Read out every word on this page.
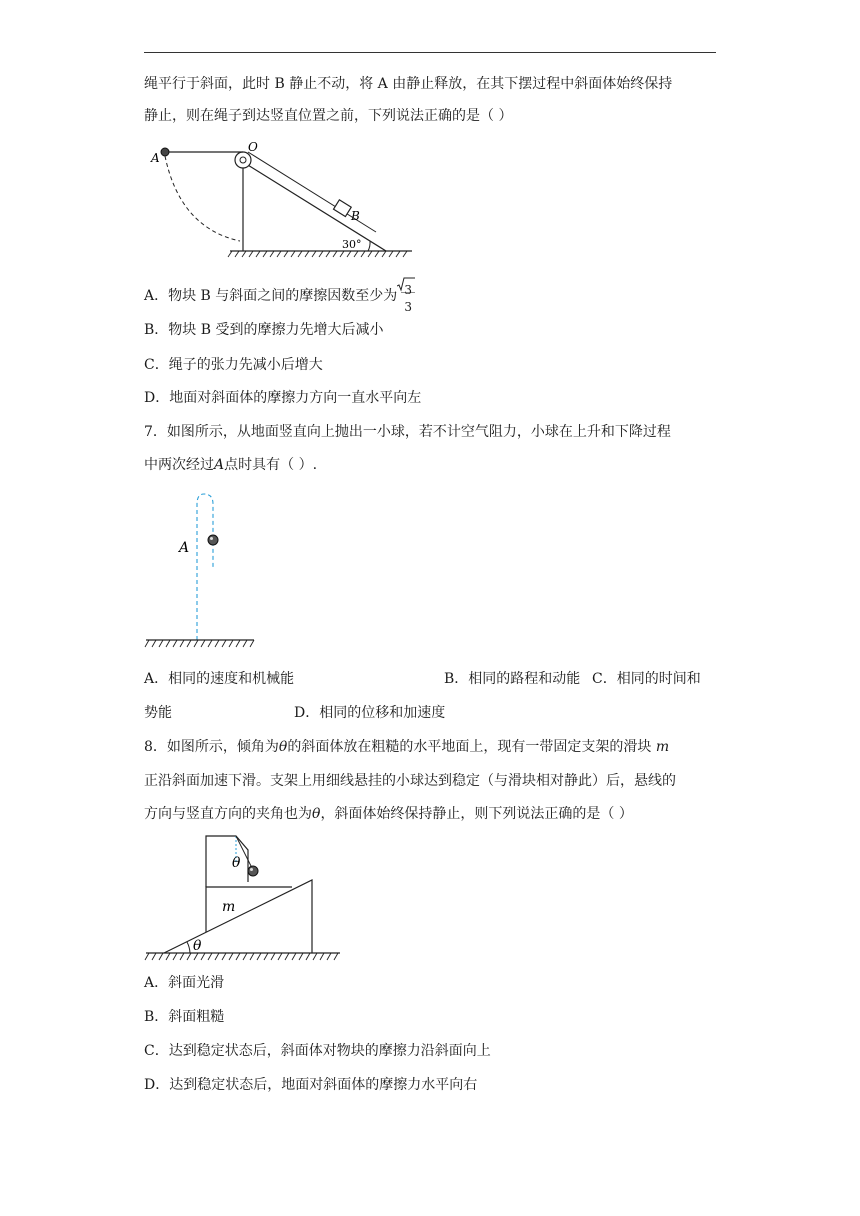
绳平行于斜面，此时 B 静止不动，将 A 由静止释放，在其下摆过程中斜面体始终保持
静止，则在绳子到达竖直位置之前，下列说法正确的是（ ）
A
O
B
30°
A．物块 B 与斜面之间的摩擦因数至少为 3
3
B．物块 B 受到的摩擦力先增大后减小
C．绳子的张力先减小后增大
D．地面对斜面体的摩擦力方向一直水平向左
7．如图所示，从地面竖直向上抛出一小球，若不计空气阻力，小球在上升和下降过程
中两次经过A点时具有（ ）.
A
A．相同的速度和机械能	B．相同的路程和动能 C．相同的时间和
势能	D．相同的位移和加速度
8．如图所示，倾角为θ的斜面体放在粗糙的水平地面上，现有一带固定支架的滑块 m
正沿斜面加速下滑。支架上用细线悬挂的小球达到稳定（与滑块相对静此）后，悬线的
方向与竖直方向的夹角也为θ，斜面体始终保持静止，则下列说法正确的是（ ）
θ
m
θ
A．斜面光滑
B．斜面粗糙
C．达到稳定状态后，斜面体对物块的摩擦力沿斜面向上
D．达到稳定状态后，地面对斜面体的摩擦力水平向右
